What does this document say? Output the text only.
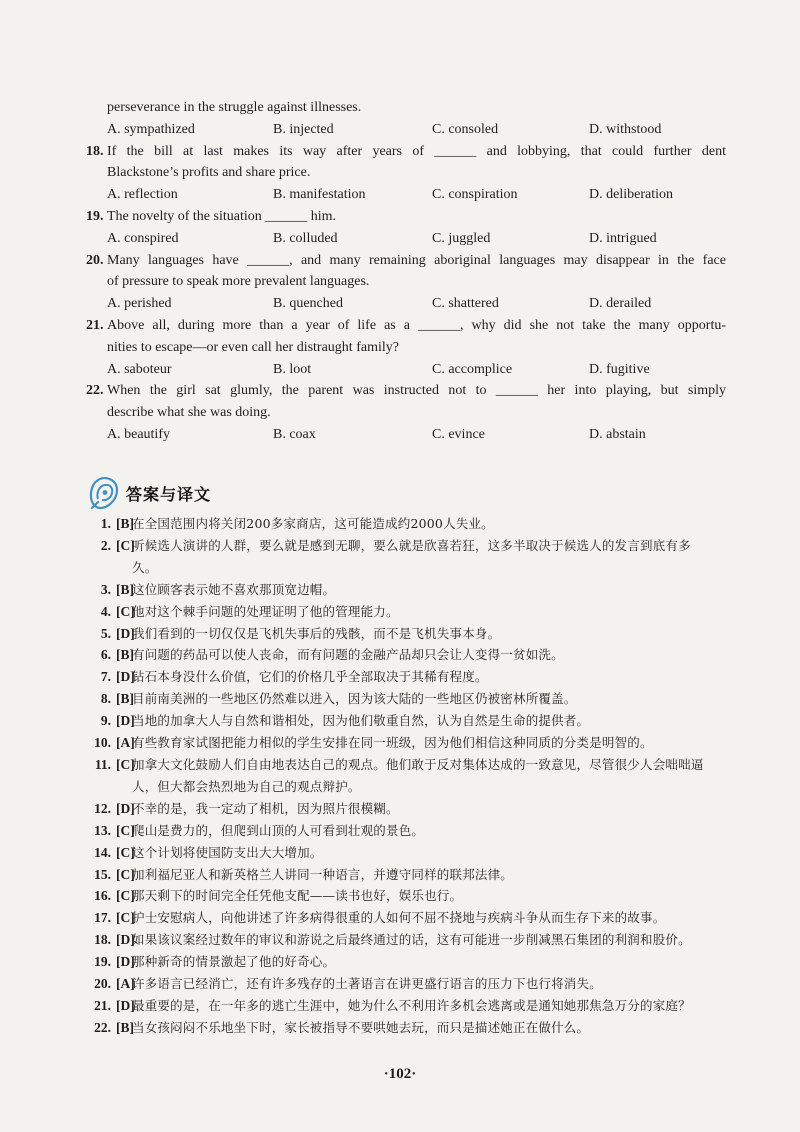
perseverance in the struggle against illnesses.
A. sympathized	B. injected	C. consoled	D. withstood
18. If the bill at last makes its way after years of ______ and lobbying, that could further dent
Blackstone’s profits and share price.
A. reflection	B. manifestation	C. conspiration	D. deliberation
19. The novelty of the situation ______ him.
A. conspired	B. colluded	C. juggled	D. intrigued
20. Many languages have ______, and many remaining aboriginal languages may disappear in the face
of pressure to speak more prevalent languages.
A. perished	B. quenched	C. shattered	D. derailed
21. Above all, during more than a year of life as a ______, why did she not take the many opportu-
nities to escape—or even call her distraught family?
A. saboteur	B. loot	C. accomplice	D. fugitive
22. When the girl sat glumly, the parent was instructed not to ______ her into playing, but simply
describe what she was doing.
A. beautify	B. coax	C. evince	D. abstain
答案与译文
1. [B]
在全国范围内将关闭200多家商店，这可能造成约2000人失业。
2. [C]
听候选人演讲的人群，要么就是感到无聊，要么就是欣喜若狂，这多半取决于候选人的发言到底有多久。
3. [B]
这位顾客表示她不喜欢那顶宽边帽。
4. [C]
他对这个棘手问题的处理证明了他的管理能力。
5. [D]
我们看到的一切仅仅是飞机失事后的残骸，而不是飞机失事本身。
6. [B]
有问题的药品可以使人丧命，而有问题的金融产品却只会让人变得一贫如洗。
7. [D]
钻石本身没什么价值，它们的价格几乎全部取决于其稀有程度。
8. [B]
目前南美洲的一些地区仍然难以进入，因为该大陆的一些地区仍被密林所覆盖。
9. [D]
当地的加拿大人与自然和谐相处，因为他们敬重自然，认为自然是生命的提供者。
10. [A]
有些教育家试图把能力相似的学生安排在同一班级，因为他们相信这种同质的分类是明智的。
11. [C]
加拿大文化鼓励人们自由地表达自己的观点。他们敢于反对集体达成的一致意见，尽管很少人会咄咄逼人，但大都会热烈地为自己的观点辩护。
12. [D]
不幸的是，我一定动了相机，因为照片很模糊。
13. [C]
爬山是费力的，但爬到山顶的人可看到壮观的景色。
14. [C]
这个计划将使国防支出大大增加。
15. [C]
加利福尼亚人和新英格兰人讲同一种语言，并遵守同样的联邦法律。
16. [C]
那天剩下的时间完全任凭他支配——读书也好，娱乐也行。
17. [C]
护士安慰病人，向他讲述了许多病得很重的人如何不屈不挠地与疾病斗争从而生存下来的故事。
18. [D]
如果该议案经过数年的审议和游说之后最终通过的话，这有可能进一步削减黑石集团的利润和股价。
19. [D]
那种新奇的情景激起了他的好奇心。
20. [A]
许多语言已经消亡，还有许多残存的土著语言在讲更盛行语言的压力下也行将消失。
21. [D]
最重要的是，在一年多的逃亡生涯中，她为什么不利用许多机会逃离或是通知她那焦急万分的家庭？
22. [B]
当女孩闷闷不乐地坐下时，家长被指导不要哄她去玩，而只是描述她正在做什么。
·102·
